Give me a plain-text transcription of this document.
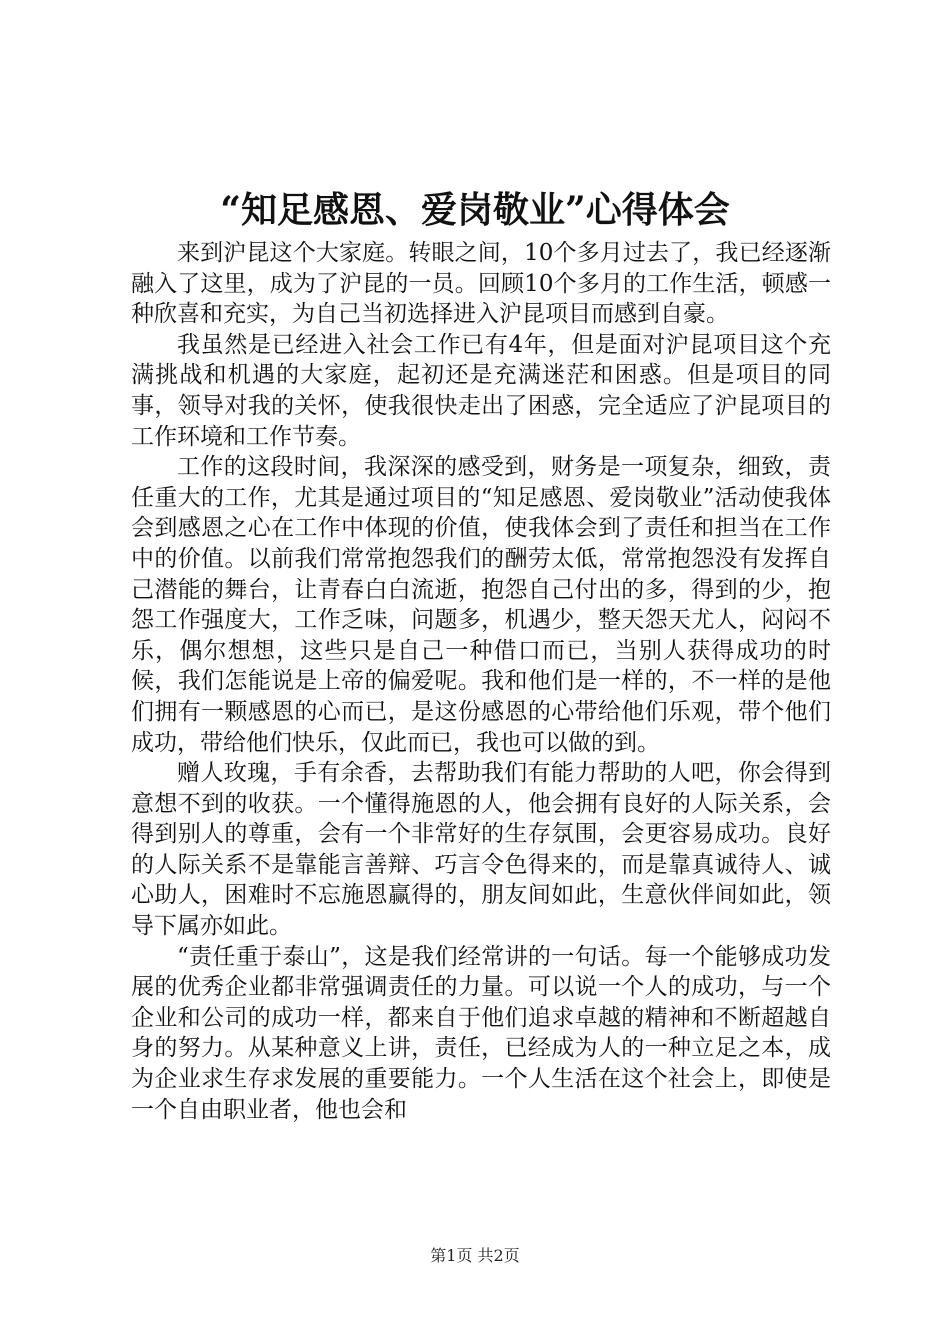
“知足感恩、爱岗敬业”心得体会

来到沪昆这个大家庭。转眼之间，10个多月过去了，我已经逐渐融入了这里，成为了沪昆的一员。回顾10个多月的工作生活，顿感一种欣喜和充实，为自己当初选择进入沪昆项目而感到自豪。

我虽然是已经进入社会工作已有4年，但是面对沪昆项目这个充满挑战和机遇的大家庭，起初还是充满迷茫和困惑。但是项目的同事，领导对我的关怀，使我很快走出了困惑，完全适应了沪昆项目的工作环境和工作节奏。

工作的这段时间，我深深的感受到，财务是一项复杂，细致，责任重大的工作，尤其是通过项目的“知足感恩、爱岗敬业”活动使我体会到感恩之心在工作中体现的价值，使我体会到了责任和担当在工作中的价值。以前我们常常抱怨我们的酬劳太低，常常抱怨没有发挥自己潜能的舞台，让青春白白流逝，抱怨自己付出的多，得到的少，抱怨工作强度大，工作乏味，问题多，机遇少，整天怨天尤人，闷闷不乐，偶尔想想，这些只是自己一种借口而已，当别人获得成功的时候，我们怎能说是上帝的偏爱呢。我和他们是一样的，不一样的是他们拥有一颗感恩的心而已，是这份感恩的心带给他们乐观，带个他们成功，带给他们快乐，仅此而已，我也可以做的到。

赠人玫瑰，手有余香，去帮助我们有能力帮助的人吧，你会得到意想不到的收获。一个懂得施恩的人，他会拥有良好的人际关系，会得到别人的尊重，会有一个非常好的生存氛围，会更容易成功。良好的人际关系不是靠能言善辩、巧言令色得来的，而是靠真诚待人、诚心助人，困难时不忘施恩赢得的，朋友间如此，生意伙伴间如此，领导下属亦如此。

“责任重于泰山”，这是我们经常讲的一句话。每一个能够成功发展的优秀企业都非常强调责任的力量。可以说一个人的成功，与一个企业和公司的成功一样，都来自于他们追求卓越的精神和不断超越自身的努力。从某种意义上讲，责任，已经成为人的一种立足之本，成为企业求生存求发展的重要能力。一个人生活在这个社会上，即使是一个自由职业者，他也会和

第1页 共2页
